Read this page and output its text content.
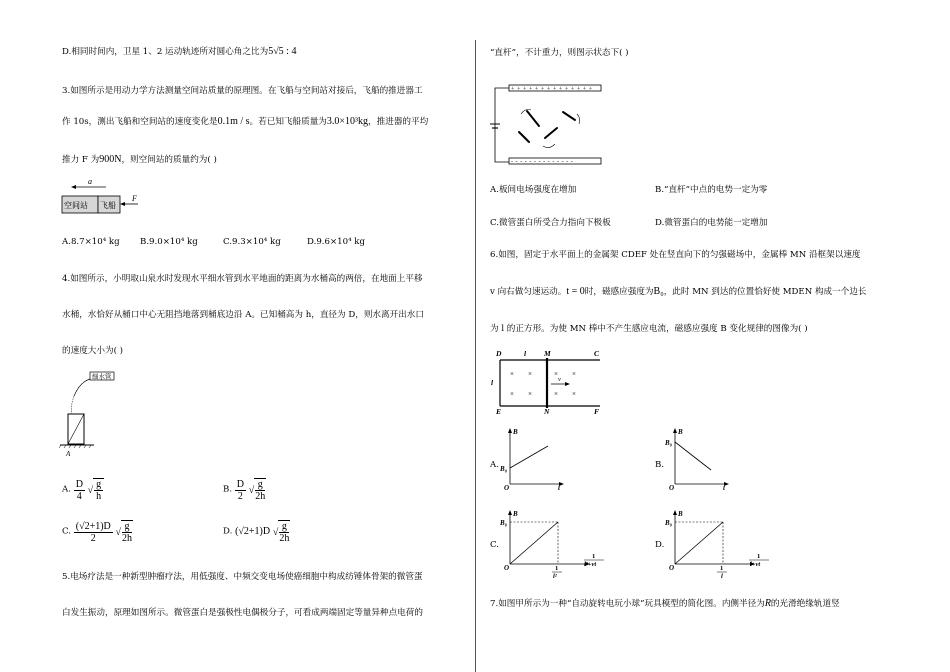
D.相同时间内，卫星 1、2 运动轨迹所对圆心角之比为5√5 : 4
3.如图所示是用动力学方法测量空间站质量的原理图。在飞船与空间站对接后，飞船的推进器工
作 10s，测出飞船和空间站的速度变化是0.1m / s。若已知飞船质量为3.0×10³kg，推进器的平均
推力 F 为900N，则空间站的质量约为( )
a
空间站 飞船
F
A.8.7×10⁴ kg B.9.0×10⁴ kg	C.9.3×10⁴ kg	D.9.6×10⁴ kg
4.如图所示，小明取山泉水时发现水平细水管到水平地面的距离为水桶高的两倍，在地面上平移
水桶，水恰好从桶口中心无阻挡地落到桶底边沿 A。已知桶高为 h，直径为 D，则水离开出水口
的速度大小为( )
细水管
A
A. $\frac{D}{4}$ √ $\frac{g}{h}$	B. $\frac{D}{2}$ √ $\frac{g}{2h}$
C. $\frac{(√2+1)D}{2}$ √ $\frac{g}{2h}$	D. (√2+1)D √ $\frac{g}{2h}$
5.电场疗法是一种新型肿瘤疗法，用低强度、中频交变电场使癌细胞中构成纺锤体骨架的微管蛋
白发生振动，原理如图所示。微管蛋白是强极性电偶极分子，可看成两端固定等量异种点电荷的
“直杆”，不计重力，则图示状态下( )
++++++++++++++
--------------
A.板间电场强度在增加	B.“直杆”中点的电势一定为零
C.微管蛋白所受合力指向下极板	D.微管蛋白的电势能一定增加
6.如图，固定于水平面上的金属架 CDEF 处在竖直向下的匀强磁场中，金属棒 MN 沿框架以速度
v 向右做匀速运动。t = 0时，磁感应强度为B₀，此时 MN 到达的位置恰好使 MDEN 构成一个边长
为 l 的正方形。为使 MN 棒中不产生感应电流，磁感应强度 B 变化规律的图像为( )
D	l M	C
l
E	N	F
× ×
× ×
× ×
× ×
v
A.
B
B₀
O	t
B.
B
B₀
O	t
C.
B
B₀
O	1
l²
1
l²+vt
D.
B
B₀
O	1
l
1
l+vt
7.如图甲所示为一种“自动旋转电玩小球”玩具模型的简化图。内侧半径为R的光滑绝缘轨道竖
